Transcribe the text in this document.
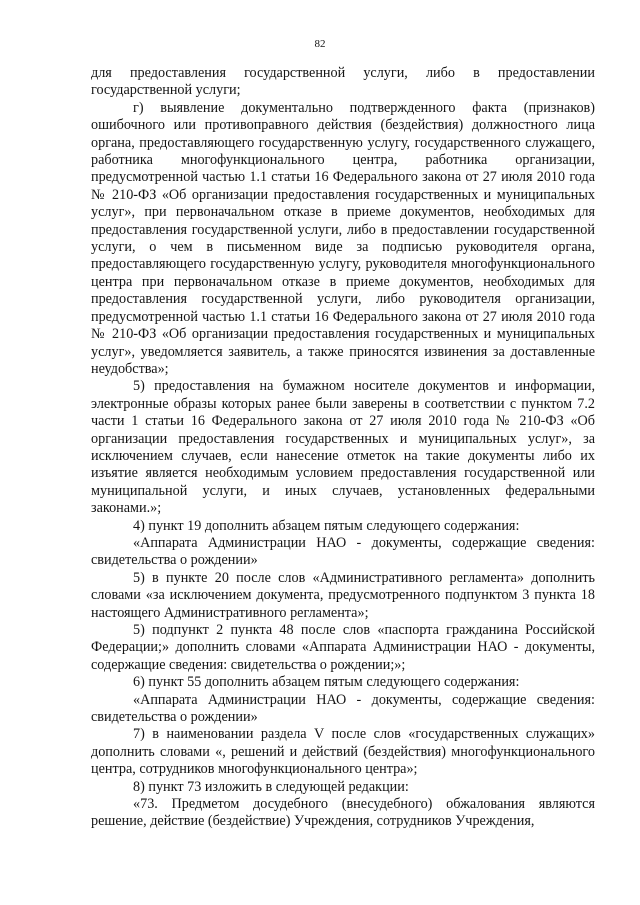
82

для предоставления государственной услуги, либо в предоставлении государственной услуги;

г) выявление документально подтвержденного факта (признаков) ошибочного или противоправного действия (бездействия) должностного лица органа, предоставляющего государственную услугу, государственного служащего, работника многофункционального центра, работника организации, предусмотренной частью 1.1 статьи 16 Федерального закона от 27 июля 2010 года № 210-ФЗ «Об организации предоставления государственных и муниципальных услуг», при первоначальном отказе в приеме документов, необходимых для предоставления государственной услуги, либо в предоставлении государственной услуги, о чем в письменном виде за подписью руководителя органа, предоставляющего государственную услугу, руководителя многофункционального центра при первоначальном отказе в приеме документов, необходимых для предоставления государственной услуги, либо руководителя организации, предусмотренной частью 1.1 статьи 16 Федерального закона от 27 июля 2010 года № 210-ФЗ «Об организации предоставления государственных и муниципальных услуг», уведомляется заявитель, а также приносятся извинения за доставленные неудобства»;

5) предоставления на бумажном носителе документов и информации, электронные образы которых ранее были заверены в соответствии с пунктом 7.2 части 1 статьи 16 Федерального закона от 27 июля 2010 года № 210-ФЗ «Об организации предоставления государственных и муниципальных услуг», за исключением случаев, если нанесение отметок на такие документы либо их изъятие является необходимым условием предоставления государственной или муниципальной услуги, и иных случаев, установленных федеральными законами.»;

4) пункт 19 дополнить абзацем пятым следующего содержания:

«Аппарата Администрации НАО - документы, содержащие сведения: свидетельства о рождении»

5) в пункте 20 после слов «Административного регламента» дополнить словами «за исключением документа, предусмотренного подпунктом 3 пункта 18 настоящего Административного регламента»;

5) подпункт 2 пункта 48 после слов «паспорта гражданина Российской Федерации;» дополнить словами «Аппарата Администрации НАО - документы, содержащие сведения: свидетельства о рождении;»;

6) пункт 55 дополнить абзацем пятым следующего содержания:

«Аппарата Администрации НАО - документы, содержащие сведения: свидетельства о рождении»

7) в наименовании раздела V после слов «государственных служащих» дополнить словами «, решений и действий (бездействия) многофункционального центра, сотрудников многофункционального центра»;

8) пункт 73 изложить в следующей редакции:

«73. Предметом досудебного (внесудебного) обжалования являются решение, действие (бездействие) Учреждения, сотрудников Учреждения,
